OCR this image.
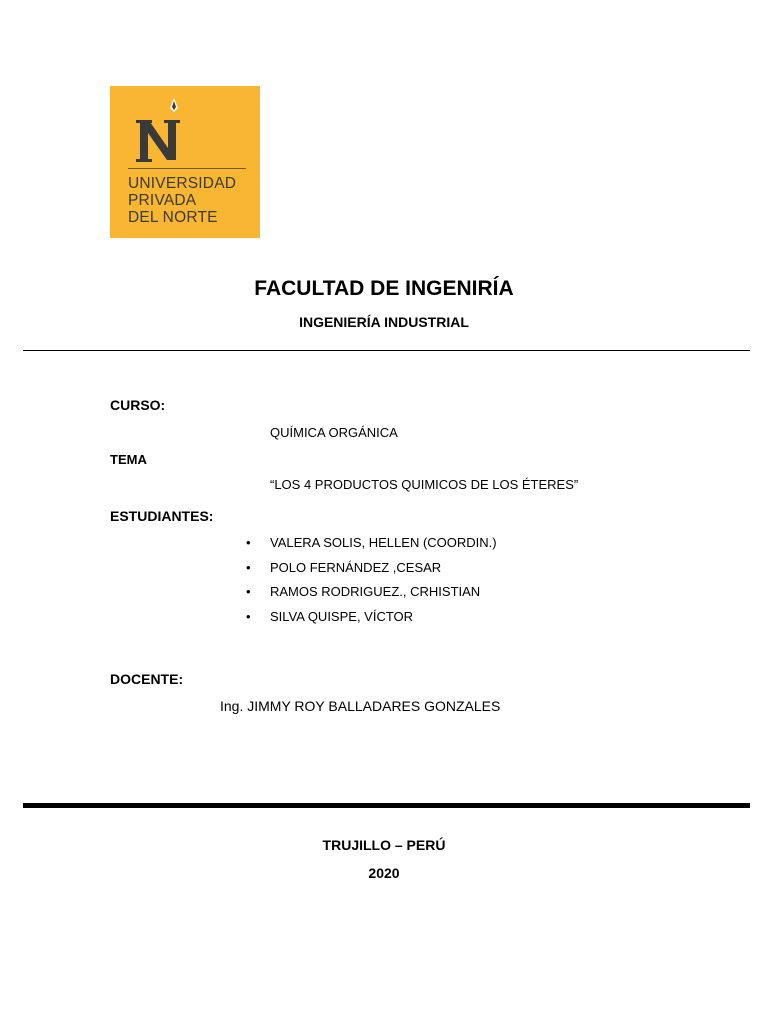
UNIVERSIDAD
PRIVADA
DEL NORTE
FACULTAD DE INGENIRÍA
INGENIERÍA INDUSTRIAL
CURSO:
QUÍMICA ORGÁNICA
TEMA
“LOS 4 PRODUCTOS QUIMICOS DE LOS ÉTERES”
ESTUDIANTES:
• VALERA SOLIS, HELLEN (COORDIN.)
• POLO FERNÁNDEZ ,CESAR
• RAMOS RODRIGUEZ., CRHISTIAN
• SILVA QUISPE, VÍCTOR
DOCENTE:
Ing. JIMMY ROY BALLADARES GONZALES
TRUJILLO – PERÚ
2020
